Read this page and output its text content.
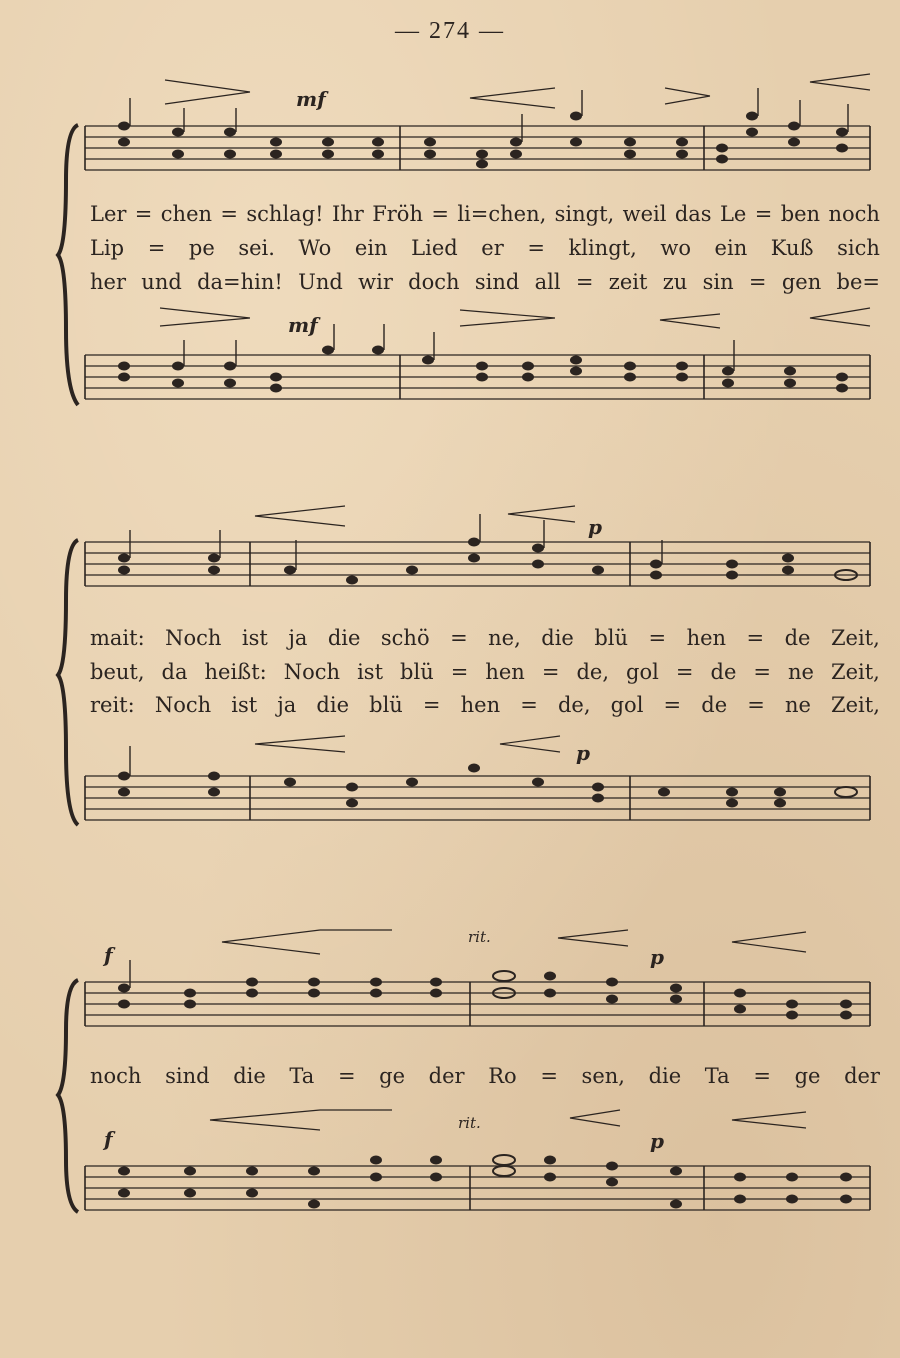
— 274 —
mf
mf
Ler = chen = schlag! Ihr Fröh = li=chen, singt, weil das Le = ben noch
Lip = pe sei. Wo ein Lied er = klingt, wo ein Kuß sich
her und da=hin! Und wir doch sind all = zeit zu sin = gen be=
p
p
mait: Noch ist ja die schö = ne, die blü = hen = de Zeit,
beut, da heißt: Noch ist blü = hen = de, gol = de = ne Zeit,
reit: Noch ist ja die blü = hen = de, gol = de = ne Zeit,
f
rit.
p
f
rit.
p
noch sind die Ta = ge der Ro = sen, die Ta = ge der
